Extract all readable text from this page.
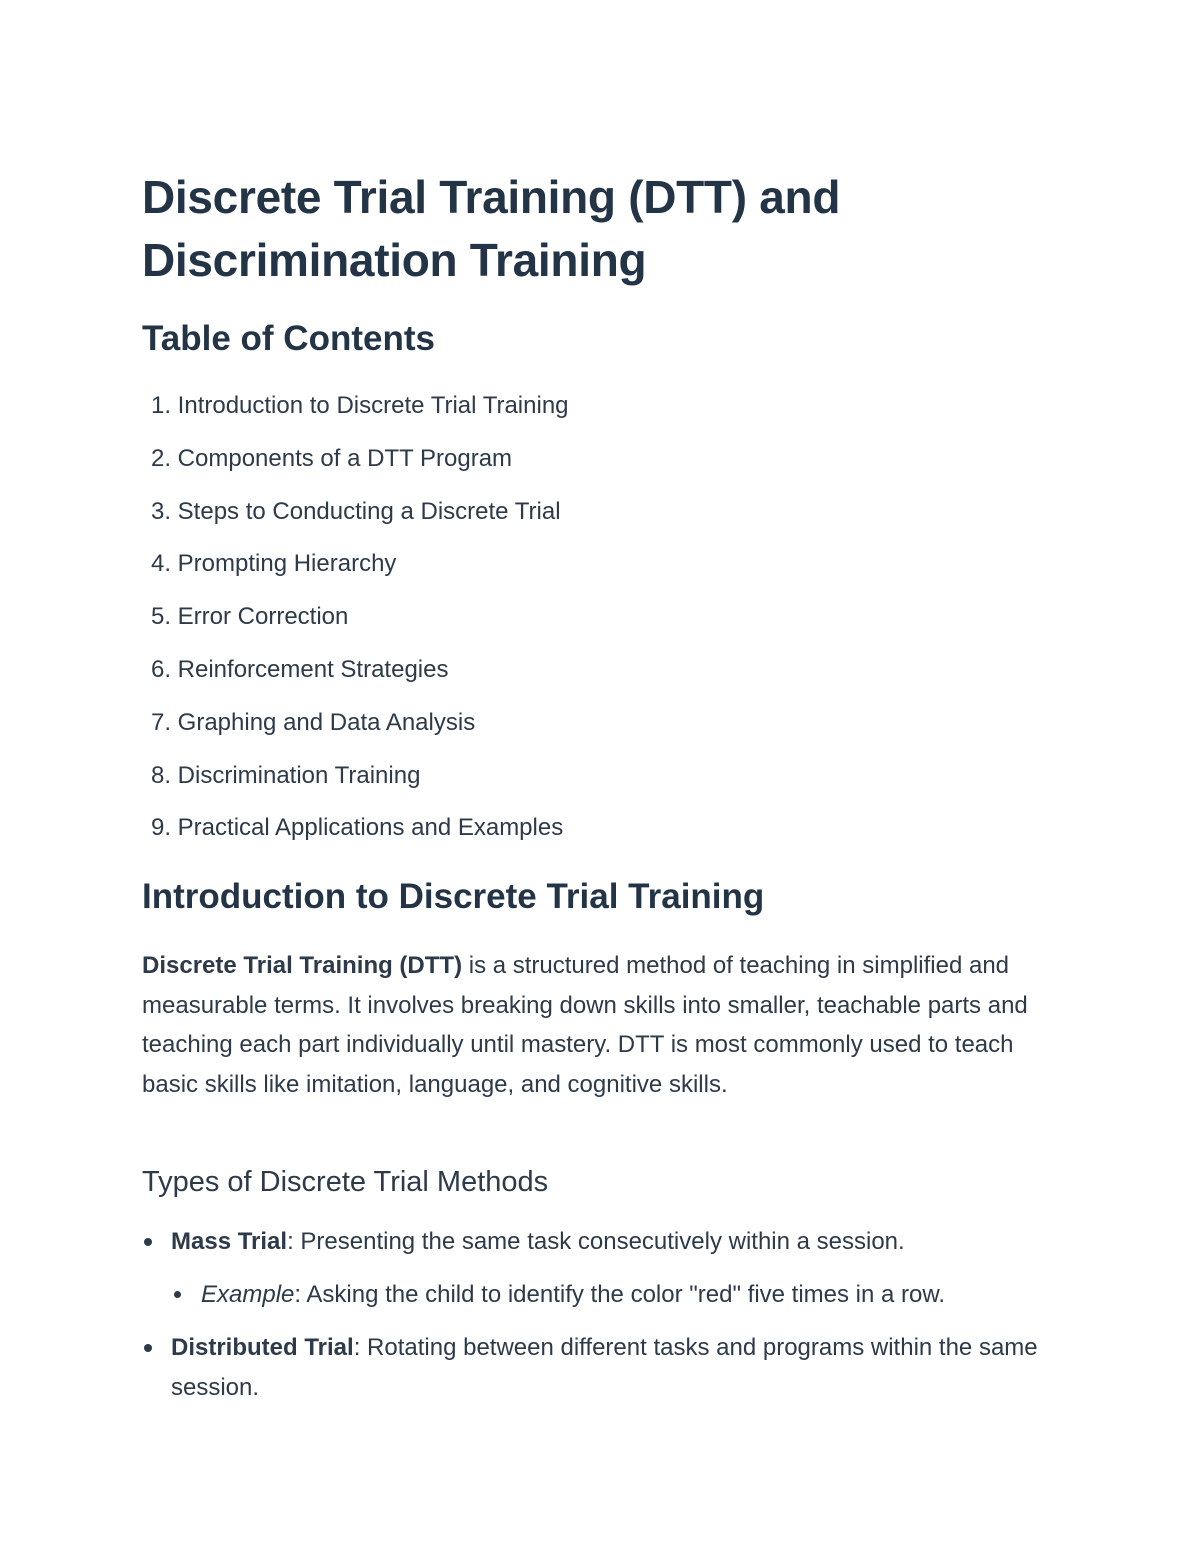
Discrete Trial Training (DTT) and Discrimination Training
Table of Contents
1. Introduction to Discrete Trial Training
2. Components of a DTT Program
3. Steps to Conducting a Discrete Trial
4. Prompting Hierarchy
5. Error Correction
6. Reinforcement Strategies
7. Graphing and Data Analysis
8. Discrimination Training
9. Practical Applications and Examples
Introduction to Discrete Trial Training

Discrete Trial Training (DTT) is a structured method of teaching in simplified and measurable terms. It involves breaking down skills into smaller, teachable parts and teaching each part individually until mastery. DTT is most commonly used to teach basic skills like imitation, language, and cognitive skills.

Types of Discrete Trial Methods
Mass Trial: Presenting the same task consecutively within a session.
Example: Asking the child to identify the color "red" five times in a row.
Distributed Trial: Rotating between different tasks and programs within the same session.
